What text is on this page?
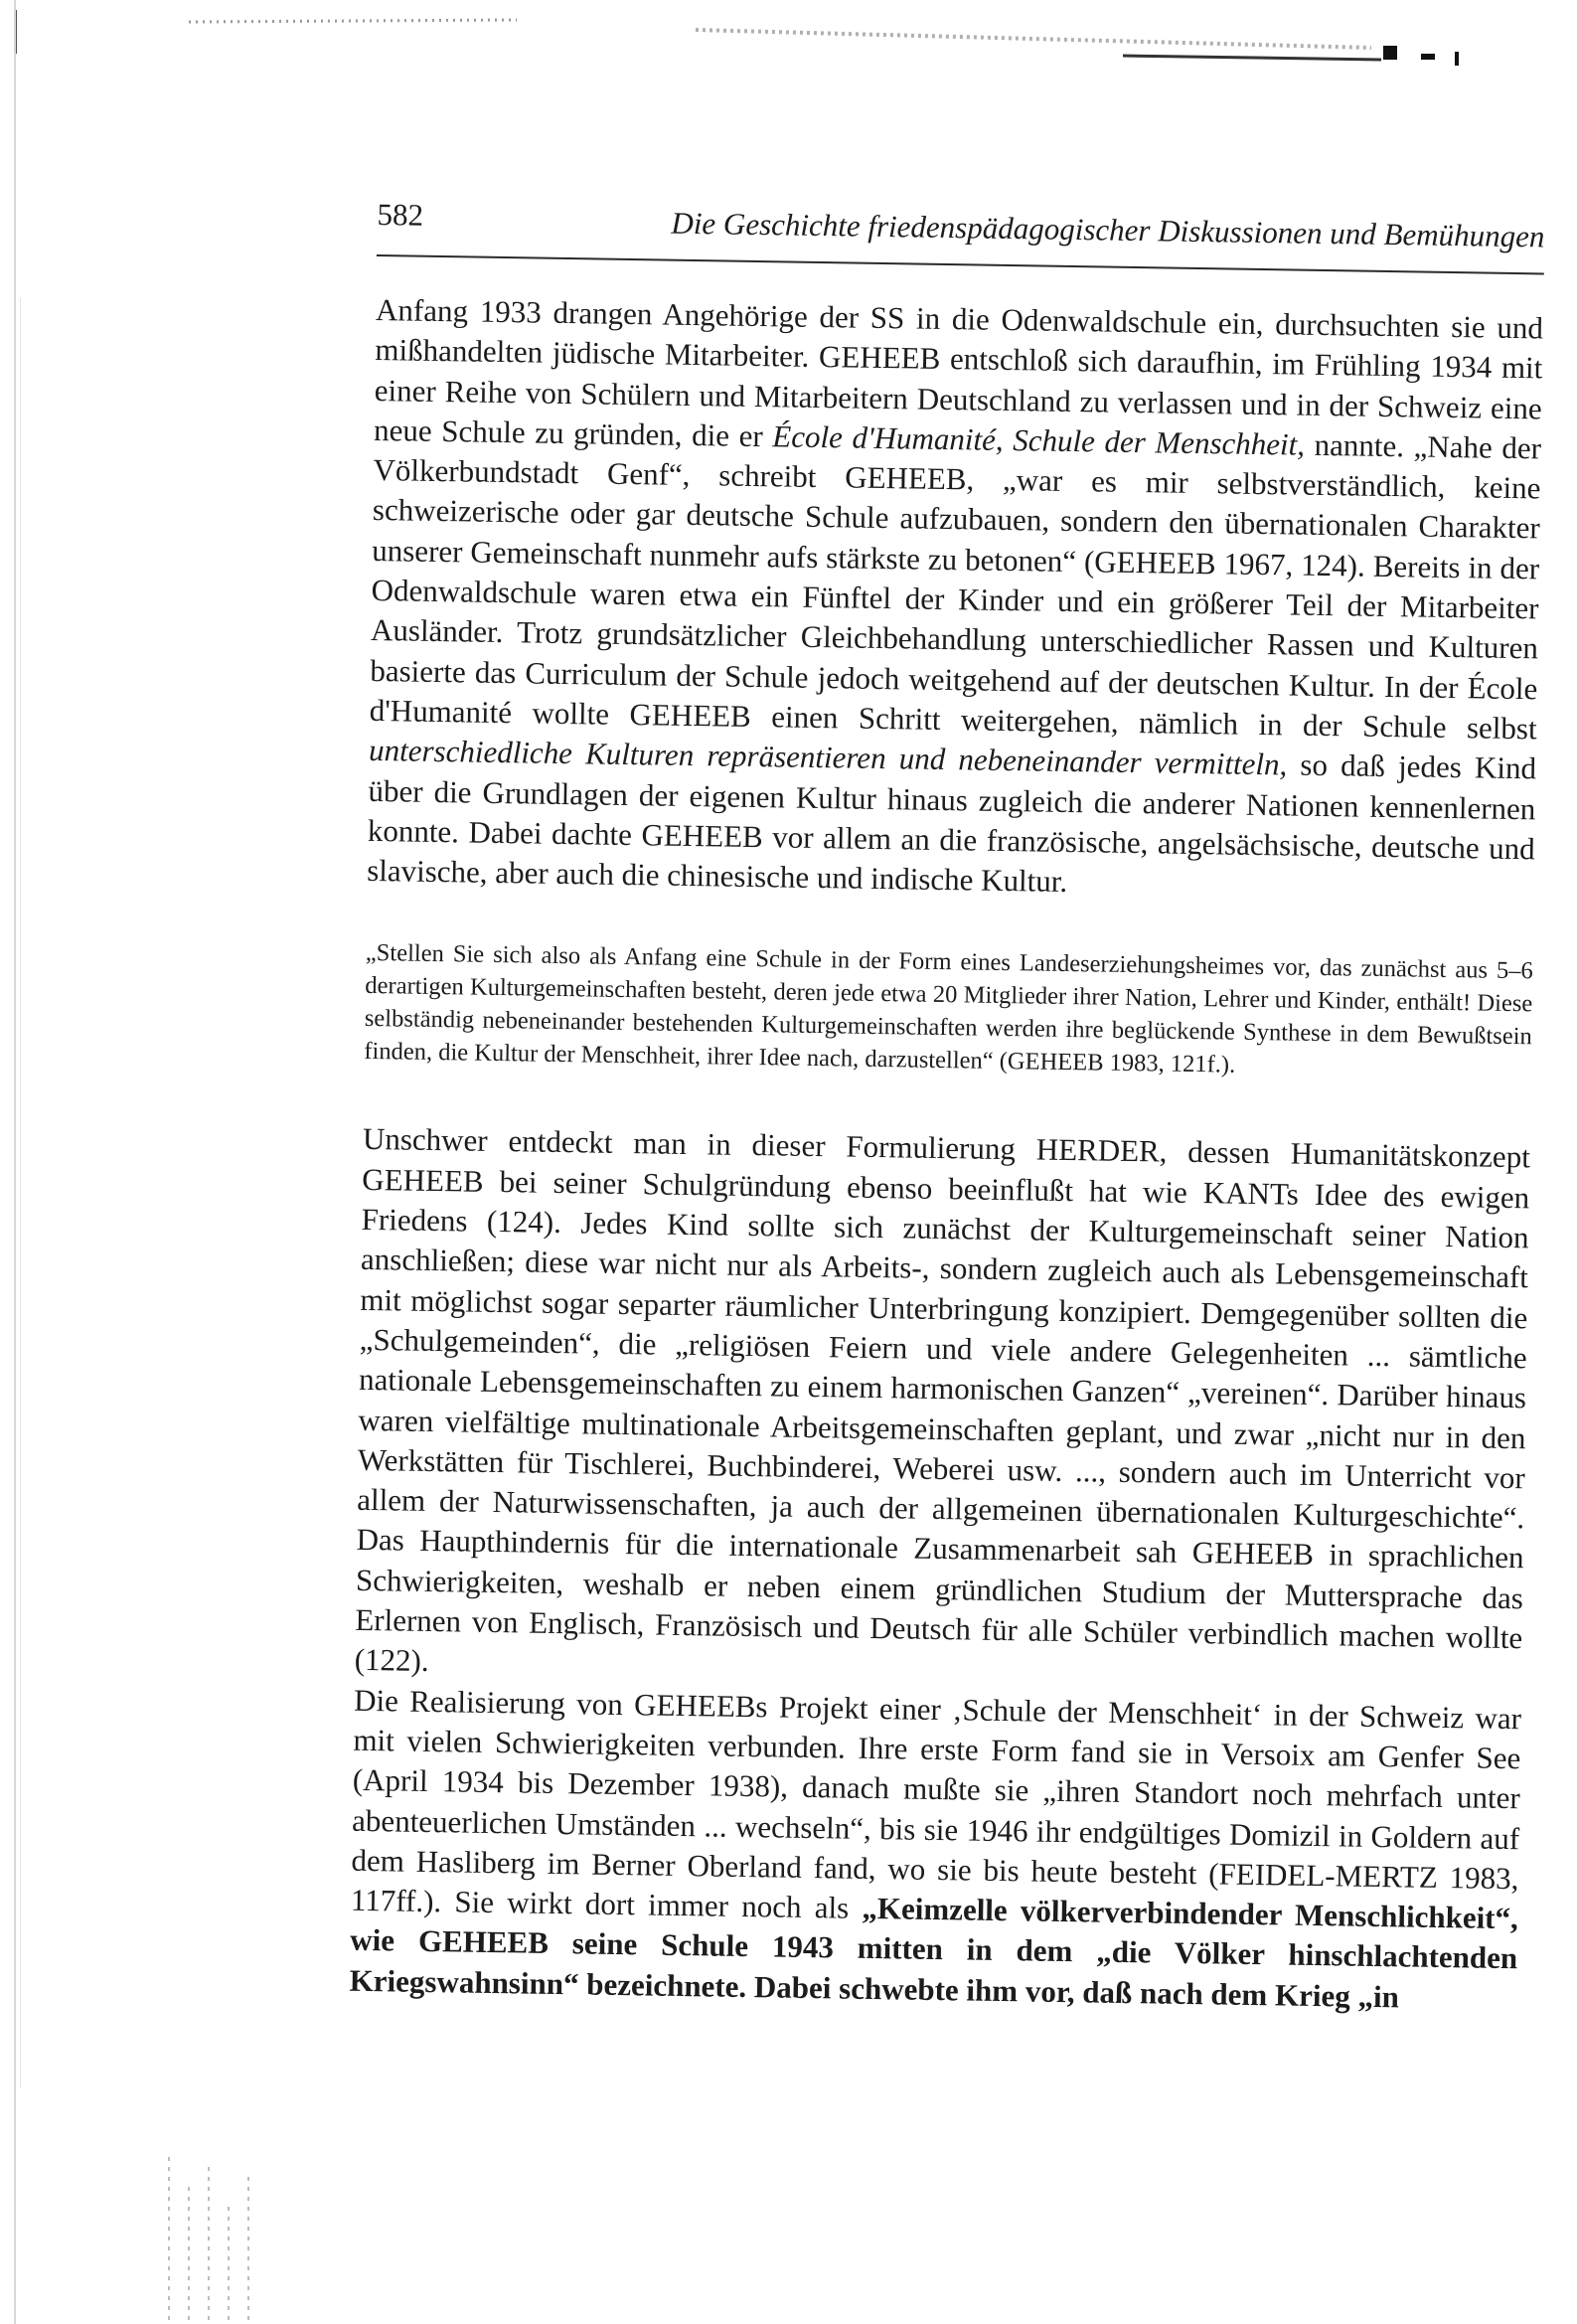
582	Die Geschichte friedenspädagogischer Diskussionen und Bemühungen

Anfang 1933 drangen Angehörige der SS in die Odenwaldschule ein, durchsuchten sie und mißhandelten jüdische Mitarbeiter. GEHEEB entschloß sich daraufhin, im Frühling 1934 mit einer Reihe von Schülern und Mitarbeitern Deutschland zu verlassen und in der Schweiz eine neue Schule zu gründen, die er École d'Humanité, Schule der Menschheit, nannte. „Nahe der Völkerbundstadt Genf“, schreibt GEHEEB, „war es mir selbstverständlich, keine schweizerische oder gar deutsche Schule aufzubauen, sondern den übernationalen Charakter unserer Gemeinschaft nunmehr aufs stärkste zu betonen“ (GEHEEB 1967, 124). Bereits in der Odenwaldschule waren etwa ein Fünftel der Kinder und ein größerer Teil der Mitarbeiter Ausländer. Trotz grundsätzlicher Gleichbehandlung unterschiedlicher Rassen und Kulturen basierte das Curriculum der Schule jedoch weitgehend auf der deutschen Kultur. In der École d'Humanité wollte GEHEEB einen Schritt weitergehen, nämlich in der Schule selbst unterschiedliche Kulturen repräsentieren und nebeneinander vermitteln, so daß jedes Kind über die Grundlagen der eigenen Kultur hinaus zugleich die anderer Nationen kennenlernen konnte. Dabei dachte GEHEEB vor allem an die französische, angelsächsische, deutsche und slavische, aber auch die chinesische und indische Kultur.

„Stellen Sie sich also als Anfang eine Schule in der Form eines Landeserziehungsheimes vor, das zunächst aus 5–6 derartigen Kulturgemeinschaften besteht, deren jede etwa 20 Mitglieder ihrer Nation, Lehrer und Kinder, enthält! Diese selbständig nebeneinander bestehenden Kulturgemeinschaften werden ihre beglückende Synthese in dem Bewußtsein finden, die Kultur der Menschheit, ihrer Idee nach, darzustellen“ (GEHEEB 1983, 121f.).

Unschwer entdeckt man in dieser Formulierung HERDER, dessen Humanitätskonzept GEHEEB bei seiner Schulgründung ebenso beeinflußt hat wie KANTs Idee des ewigen Friedens (124). Jedes Kind sollte sich zunächst der Kulturgemeinschaft seiner Nation anschließen; diese war nicht nur als Arbeits-, sondern zugleich auch als Lebensgemeinschaft mit möglichst sogar separter räumlicher Unterbringung konzipiert. Demgegenüber sollten die „Schulgemeinden“, die „religiösen Feiern und viele andere Gelegenheiten ... sämtliche nationale Lebensgemeinschaften zu einem harmonischen Ganzen“ „vereinen“. Darüber hinaus waren vielfältige multinationale Arbeitsgemeinschaften geplant, und zwar „nicht nur in den Werkstätten für Tischlerei, Buchbinderei, Weberei usw. ..., sondern auch im Unterricht vor allem der Naturwissenschaften, ja auch der allgemeinen übernationalen Kulturgeschichte“. Das Haupthindernis für die internationale Zusammenarbeit sah GEHEEB in sprachlichen Schwierigkeiten, weshalb er neben einem gründlichen Studium der Muttersprache das Erlernen von Englisch, Französisch und Deutsch für alle Schüler verbindlich machen wollte (122).

Die Realisierung von GEHEEBs Projekt einer ‚Schule der Menschheit‘ in der Schweiz war mit vielen Schwierigkeiten verbunden. Ihre erste Form fand sie in Versoix am Genfer See (April 1934 bis Dezember 1938), danach mußte sie „ihren Standort noch mehrfach unter abenteuerlichen Umständen ... wechseln“, bis sie 1946 ihr endgültiges Domizil in Goldern auf dem Hasliberg im Berner Oberland fand, wo sie bis heute besteht (FEIDEL-MERTZ 1983, 117ff.). Sie wirkt dort immer noch als „Keimzelle völkerverbindender Menschlichkeit“, wie GEHEEB seine Schule 1943 mitten in dem „die Völker hinschlachtenden Kriegswahnsinn“ bezeichnete. Dabei schwebte ihm vor, daß nach dem Krieg „in
